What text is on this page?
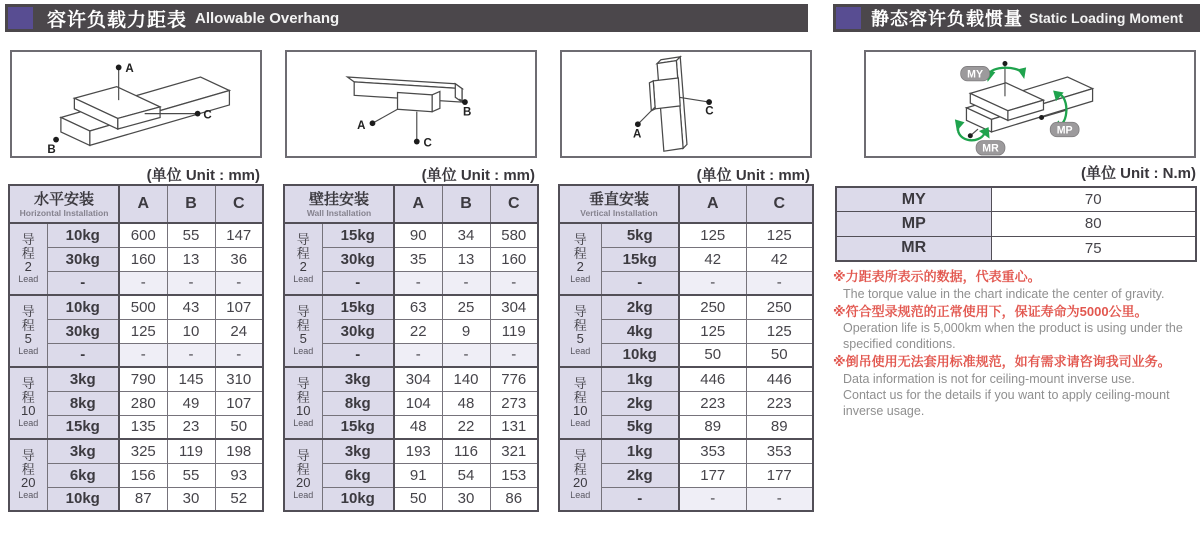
容许负载力距表 Allowable Overhang	静态容许负载惯量 Static Loading Moment
A
B
C
A
C
B
A
C
MY
MP
MR
(单位 Unit : mm)	(单位 Unit : mm)	(单位 Unit : mm)	(单位 Unit : N.m)
水平安装
Horizontal Installation		A	B	C

导
程
2
Lead	10kg	600	55	147
	30kg	160	13	36
	-	-	-	-

导
程
5
Lead	10kg	500	43	107
	30kg	125	10	24
	-	-	-	-

导
程
10
Lead	3kg	790	145	310
	8kg	280	49	107
	15kg	135	23	50

导
程
20
Lead	3kg	325	119	198
	6kg	156	55	93
	10kg	87	30	52
壁挂安装
Wall Installation		A	B	C

导
程
2
Lead	15kg	90	34	580
	30kg	35	13	160
	-	-	-	-

导
程
5
Lead	15kg	63	25	304
	30kg	22	9	119
	-	-	-	-

导
程
10
Lead	3kg	304	140	776
	8kg	104	48	273
	15kg	48	22	131

导
程
20
Lead	3kg	193	116	321
	6kg	91	54	153
	10kg	50	30	86
垂直安装
Vertical Installation		A	C

导
程
2
Lead	5kg	125	125
	15kg	42	42
	-	-	-

导
程
5
Lead	2kg	250	250
	4kg	125	125
	10kg	50	50

导
程
10
Lead	1kg	446	446
	2kg	223	223
	5kg	89	89

导
程
20
Lead	1kg	353	353
	2kg	177	177
	-	-	-
MY	70
MP	80
MR	75
※力距表所表示的数据，代表重心。
The torque value in the chart indicate the center of gravity.
※符合型录规范的正常使用下，保证寿命为5000公里。
Operation life is 5,000km when the product is using under the
specified conditions.
※倒吊使用无法套用标准规范，如有需求请咨询我司业务。
Data information is not for ceiling-mount inverse use.
Contact us for the details if you want to apply ceiling-mount
inverse usage.
